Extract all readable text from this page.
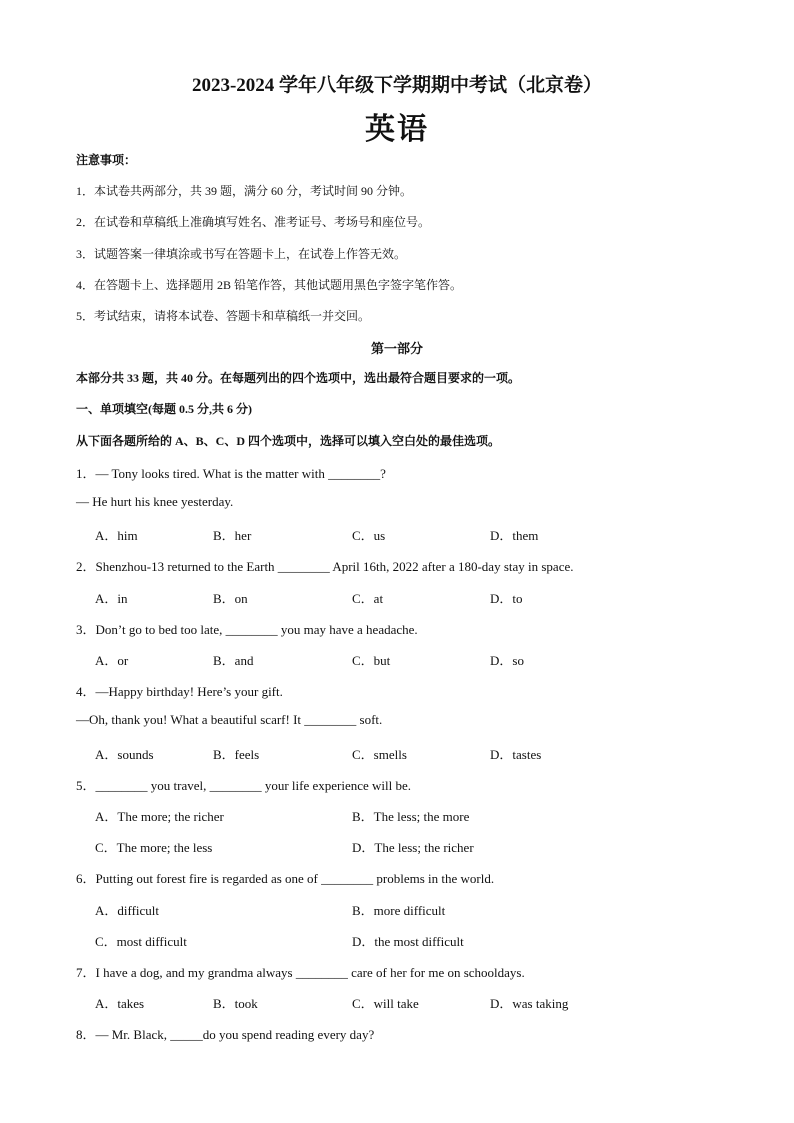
2023-2024 学年八年级下学期期中考试（北京卷）
英语
注意事项：
1．本试卷共两部分，共 39 题，满分 60 分，考试时间 90 分钟。
2．在试卷和草稿纸上准确填写姓名、准考证号、考场号和座位号。
3．试题答案一律填涂或书写在答题卡上，在试卷上作答无效。
4．在答题卡上、选择题用 2B 铅笔作答，其他试题用黑色字签字笔作答。
5．考试结束，请将本试卷、答题卡和草稿纸一并交回。
第一部分
本部分共 33 题，共 40 分。在每题列出的四个选项中，选出最符合题目要求的一项。
一、单项填空(每题 0.5 分,共 6 分)
从下面各题所给的 A、B、C、D 四个选项中，选择可以填入空白处的最佳选项。
1．— Tony looks tired. What is the matter with ________?
— He hurt his knee yesterday.
A．him	B．her	C．us	D．them
2．Shenzhou-13 returned to the Earth ________ April 16th, 2022 after a 180-day stay in space.
A．in	B．on	C．at	D．to
3．Don’t go to bed too late, ________ you may have a headache.
A．or	B．and	C．but	D．so
4．—Happy birthday! Here’s your gift.
—Oh, thank you! What a beautiful scarf! It ________ soft.
A．sounds	B．feels	C．smells	D．tastes
5．________ you travel, ________ your life experience will be.
A．The more; the richer	B．The less; the more
C．The more; the less	D．The less; the richer
6．Putting out forest fire is regarded as one of ________ problems in the world.
A．difficult	B．more difficult
C．most difficult	D．the most difficult
7．I have a dog, and my grandma always ________ care of her for me on schooldays.
A．takes	B．took	C．will take	D．was taking
8．— Mr. Black, _____do you spend reading every day?
